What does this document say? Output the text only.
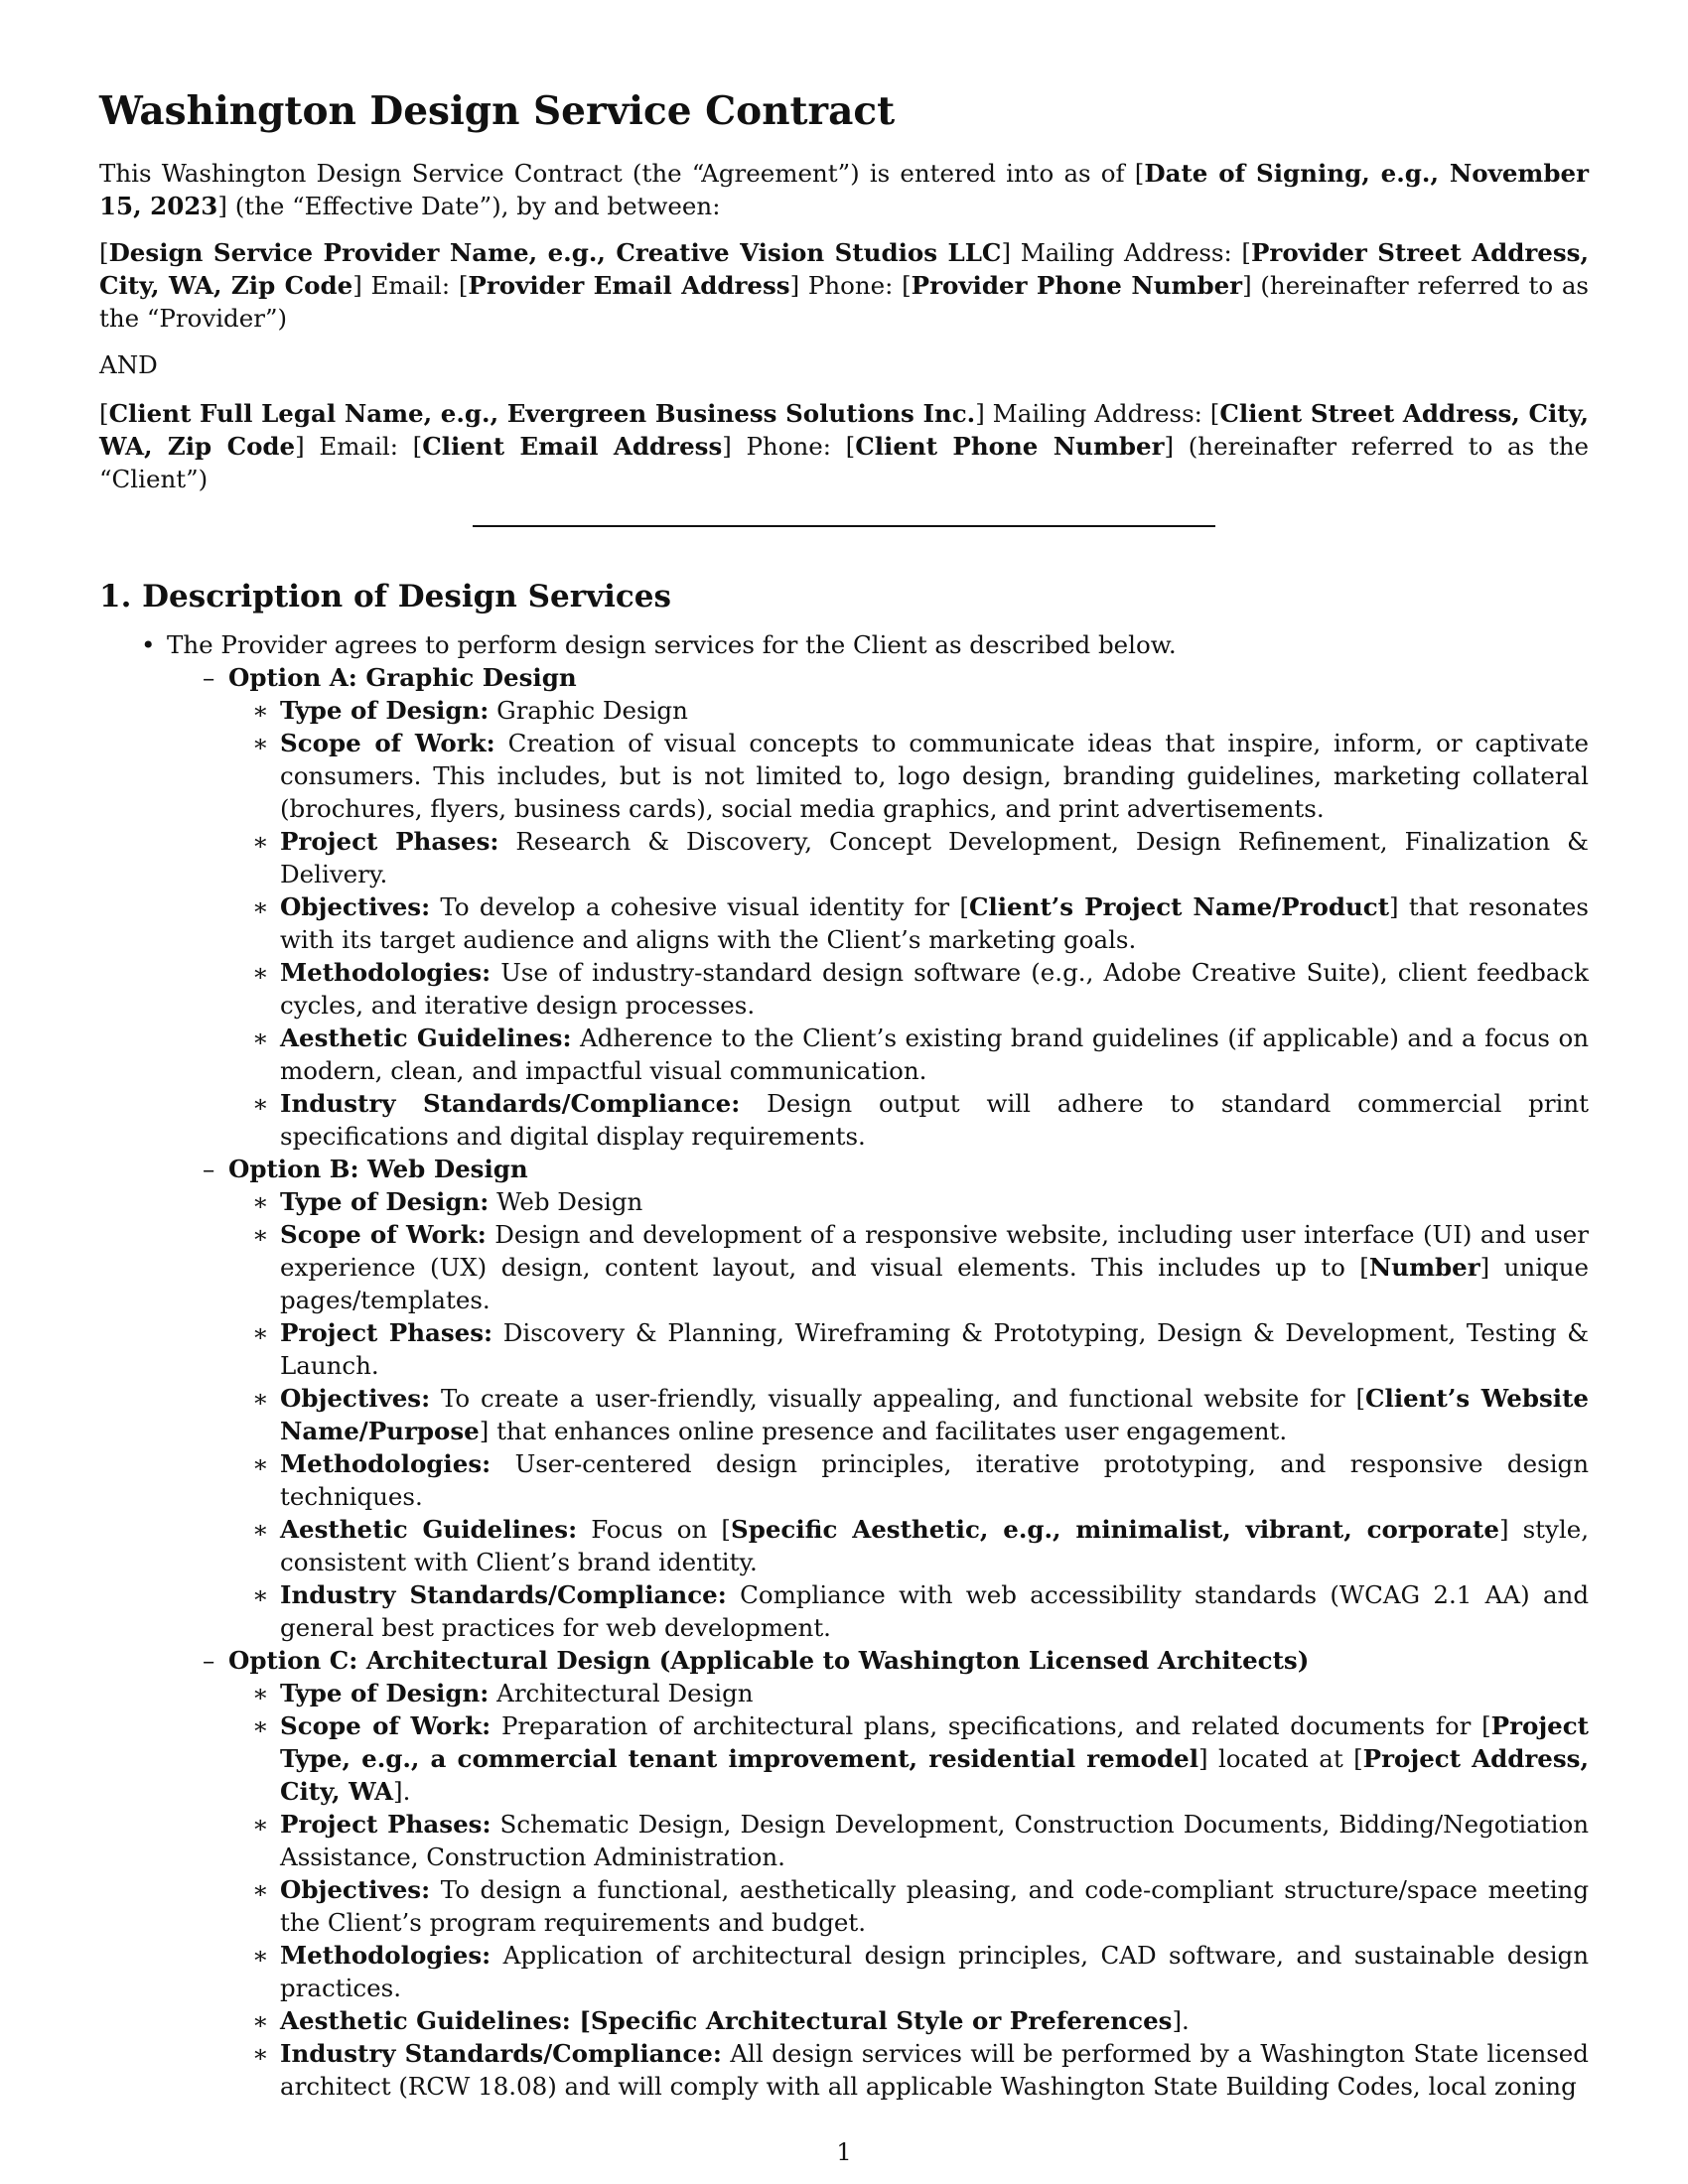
Washington Design Service Contract

This Washington Design Service Contract (the “Agreement”) is entered into as of [Date of Signing, e.g., November 15, 2023] (the “Effective Date”), by and between:

[Design Service Provider Name, e.g., Creative Vision Studios LLC] Mailing Address: [Provider Street Address, City, WA, Zip Code] Email: [Provider Email Address] Phone: [Provider Phone Number] (hereinafter referred to as the “Provider”)

AND

[Client Full Legal Name, e.g., Evergreen Business Solutions Inc.] Mailing Address: [Client Street Address, City, WA, Zip Code] Email: [Client Email Address] Phone: [Client Phone Number] (hereinafter referred to as the “Client”)

1. Description of Design Services
• The Provider agrees to perform design services for the Client as described below.
– Option A: Graphic Design
∗ Type of Design: Graphic Design
∗ Scope of Work: Creation of visual concepts to communicate ideas that inspire, inform, or captivate consumers. This includes, but is not limited to, logo design, branding guidelines, marketing collateral (brochures, flyers, business cards), social media graphics, and print advertisements.
∗ Project Phases: Research & Discovery, Concept Development, Design Refinement, Finalization & Delivery.
∗ Objectives: To develop a cohesive visual identity for [Client’s Project Name/Product] that resonates with its target audience and aligns with the Client’s marketing goals.
∗ Methodologies: Use of industry-standard design software (e.g., Adobe Creative Suite), client feedback cycles, and iterative design processes.
∗ Aesthetic Guidelines: Adherence to the Client’s existing brand guidelines (if applicable) and a focus on modern, clean, and impactful visual communication.
∗ Industry Standards/Compliance: Design output will adhere to standard commercial print specifications and digital display requirements.
– Option B: Web Design
∗ Type of Design: Web Design
∗ Scope of Work: Design and development of a responsive website, including user interface (UI) and user experience (UX) design, content layout, and visual elements. This includes up to [Number] unique pages/templates.
∗ Project Phases: Discovery & Planning, Wireframing & Prototyping, Design & Development, Testing & Launch.
∗ Objectives: To create a user-friendly, visually appealing, and functional website for [Client’s Website Name/Purpose] that enhances online presence and facilitates user engagement.
∗ Methodologies: User-centered design principles, iterative prototyping, and responsive design techniques.
∗ Aesthetic Guidelines: Focus on [Specific Aesthetic, e.g., minimalist, vibrant, corporate] style, consistent with Client’s brand identity.
∗ Industry Standards/Compliance: Compliance with web accessibility standards (WCAG 2.1 AA) and general best practices for web development.
– Option C: Architectural Design (Applicable to Washington Licensed Architects)
∗ Type of Design: Architectural Design
∗ Scope of Work: Preparation of architectural plans, specifications, and related documents for [Project Type, e.g., a commercial tenant improvement, residential remodel] located at [Project Address, City, WA].
∗ Project Phases: Schematic Design, Design Development, Construction Documents, Bidding/Negotiation Assistance, Construction Administration.
∗ Objectives: To design a functional, aesthetically pleasing, and code-compliant structure/space meeting the Client’s program requirements and budget.
∗ Methodologies: Application of architectural design principles, CAD software, and sustainable design practices.
∗ Aesthetic Guidelines: [Specific Architectural Style or Preferences].
∗ Industry Standards/Compliance: All design services will be performed by a Washington State licensed architect (RCW 18.08) and will comply with all applicable Washington State Building Codes, local zoning
1
